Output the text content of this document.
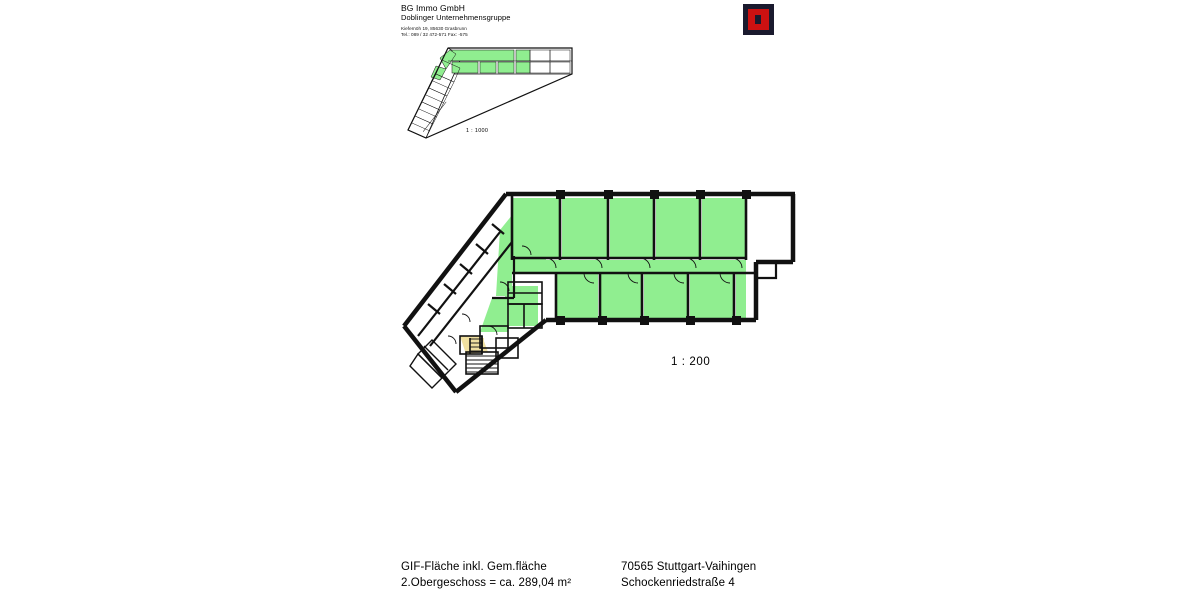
BG Immo GmbH
Doblinger Unternehmensgruppe
Kiefernöh 19, 85630 Grasbrunn
Tel.: 089 / 32 472-571 Fax: -575
1 : 1000
1 : 200
GIF-Fläche inkl. Gem.fläche
2.Obergeschoss = ca. 289,04 m²
70565 Stuttgart-Vaihingen
Schockenriedstraße 4
